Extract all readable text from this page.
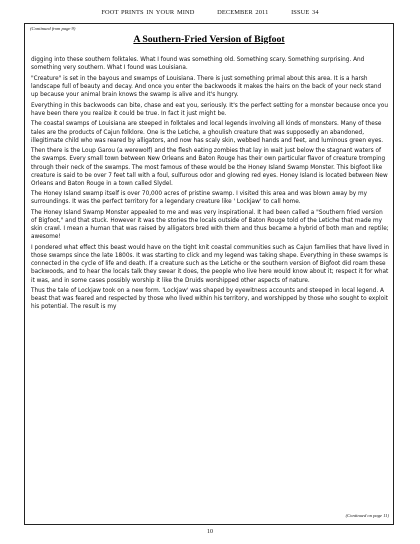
FOOT PRINTS IN YOUR MIND	DECEMBER 2011	ISSUE 34
(Continued from page 9)
A Southern-Fried Version of Bigfoot

digging into these southern folktales. What I found was something old. Something scary. Something surprising. And something very southern. What I found was Louisiana.

"Creature" is set in the bayous and swamps of Louisiana. There is just something primal about this area. It is a harsh landscape full of beauty and decay. And once you enter the backwoods it makes the hairs on the back of your neck stand up because your animal brain knows the swamp is alive and it's hungry.

Everything in this backwoods can bite, chase and eat you, seriously. It's the perfect setting for a monster because once you have been there you realize it could be true. In fact it just might be.

The coastal swamps of Louisiana are steeped in folktales and local legends involving all kinds of monsters. Many of these tales are the products of Cajun folklore. One is the Letiche, a ghoulish creature that was supposedly an abandoned, illegitimate child who was reared by alligators, and now has scaly skin, webbed hands and feet, and luminous green eyes.

Then there is the Loup Garou (a werewolf) and the flesh eating zombies that lay in wait just below the stagnant waters of the swamps. Every small town between New Orleans and Baton Rouge has their own particular flavor of creature tromping through their neck of the swamps. The most famous of these would be the Honey Island Swamp Monster. This bigfoot like creature is said to be over 7 feet tall with a foul, sulfurous odor and glowing red eyes. Honey Island is located between New Orleans and Baton Rouge in a town called Slydel.

The Honey Island swamp itself is over 70,000 acres of pristine swamp. I visited this area and was blown away by my surroundings. It was the perfect territory for a legendary creature like ' Lockjaw' to call home.

The Honey Island Swamp Monster appealed to me and was very inspirational. It had been called a "Southern fried version of Bigfoot," and that stuck. However it was the stories the locals outside of Baton Rouge told of the Letiche that made my skin crawl. I mean a human that was raised by alligators bred with them and thus became a hybrid of both man and reptile; awesome!

I pondered what effect this beast would have on the tight knit coastal communities such as Cajun families that have lived in those swamps since the late 1800s. It was starting to click and my legend was taking shape. Everything in these swamps is connected in the cycle of life and death. If a creature such as the Letiche or the southern version of Bigfoot did roam these backwoods, and to hear the locals talk they swear it does, the people who live here would know about it; respect it for what it was, and in some cases possibly worship it like the Druids worshipped other aspects of nature.

Thus the tale of Lockjaw took on a new form. 'Lockjaw' was shaped by eyewitness accounts and steeped in local legend. A beast that was feared and respected by those who lived within his territory, and worshipped by those who sought to exploit his potential. The result is my

(Continued on page 11)
10
